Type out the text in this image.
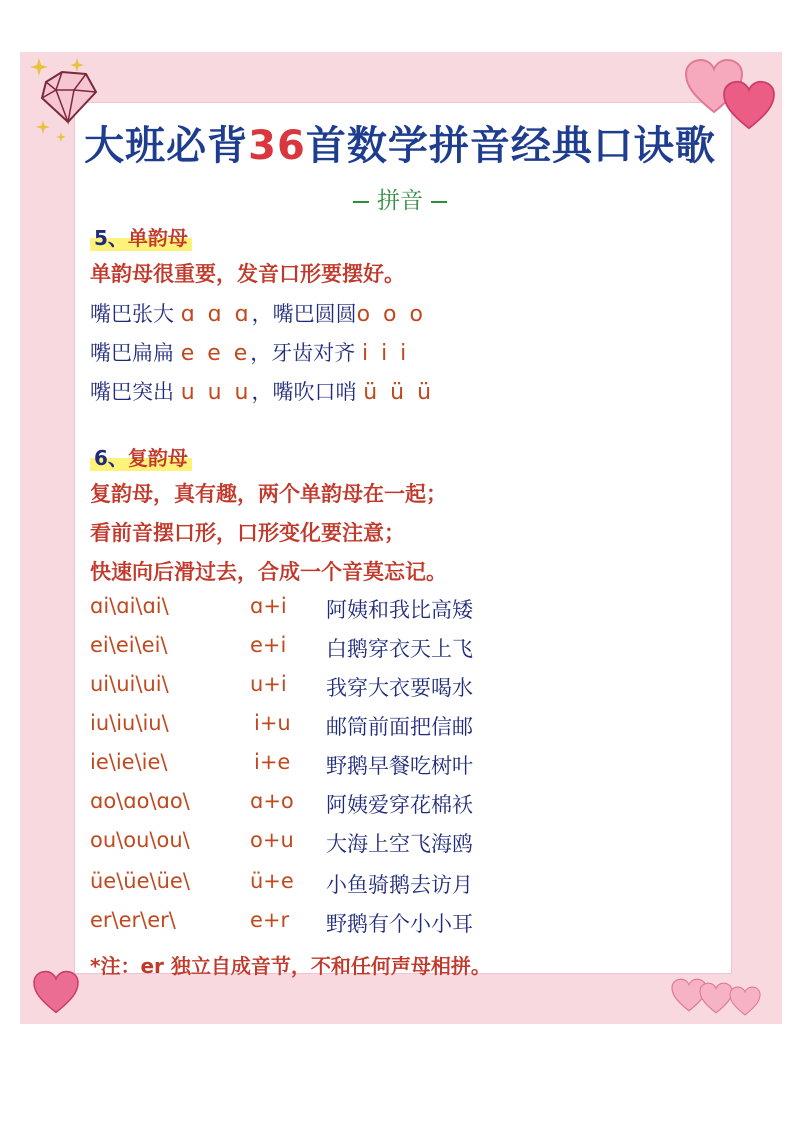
大班必背36首数学拼音经典口诀歌
拼音
5、单韵母
单韵母很重要，发音口形要摆好。
嘴巴张大 ɑ ɑ ɑ，嘴巴圆圆o o o
嘴巴扁扁 e e e，牙齿对齐 i i i
嘴巴突出 u u u，嘴吹口哨 ü ü ü
6、复韵母
复韵母，真有趣，两个单韵母在一起；
看前音摆口形，口形变化要注意；
快速向后滑过去，合成一个音莫忘记。
ɑi\ɑi\ɑi\	ɑ+i 阿姨和我比高矮
ei\ei\ei\	e+i 白鹅穿衣天上飞
ui\ui\ui\	u+i 我穿大衣要喝水
iu\iu\iu\	i+u 邮筒前面把信邮
ie\ie\ie\	i+e 野鹅早餐吃树叶
ɑo\ɑo\ɑo\	ɑ+o 阿姨爱穿花棉袄
ou\ou\ou\	o+u 大海上空飞海鸥
üe\üe\üe\	ü+e 小鱼骑鹅去访月
er\er\er\	e+r 野鹅有个小小耳
*注：er 独立自成音节，不和任何声母相拼。
